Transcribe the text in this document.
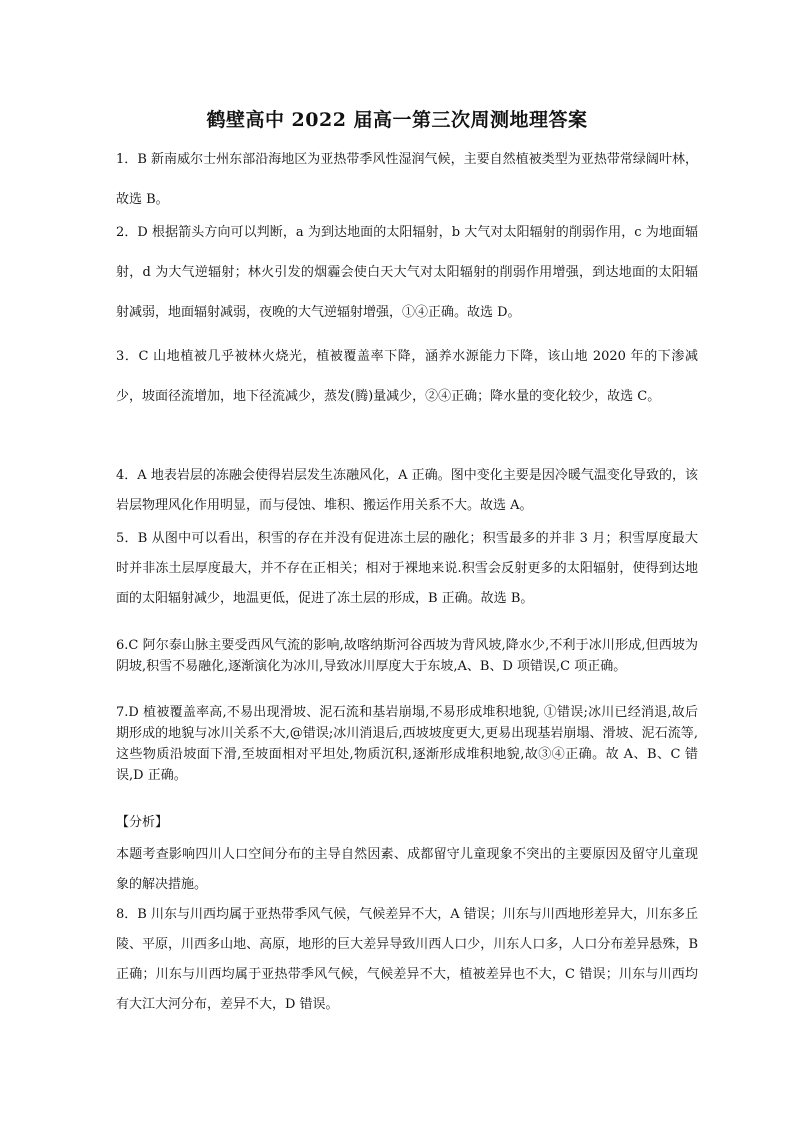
鹤壁高中 2022 届高一第三次周测地理答案
1．B 新南威尔士州东部沿海地区为亚热带季风性湿润气候，主要自然植被类型为亚热带常绿阔叶林，故选 B。
2．D 根据箭头方向可以判断，a 为到达地面的太阳辐射，b 大气对太阳辐射的削弱作用，c 为地面辐射，d 为大气逆辐射；林火引发的烟霾会使白天大气对太阳辐射的削弱作用增强，到达地面的太阳辐射减弱，地面辐射减弱，夜晚的大气逆辐射增强，①④正确。故选 D。
3．C 山地植被几乎被林火烧光，植被覆盖率下降，涵养水源能力下降，该山地 2020 年的下渗减少，坡面径流增加，地下径流减少，蒸发(腾)量减少，②④正确；降水量的变化较少，故选 C。
4．A 地表岩层的冻融会使得岩层发生冻融风化，A 正确。图中变化主要是因冷暖气温变化导致的，该岩层物理风化作用明显，而与侵蚀、堆积、搬运作用关系不大。故选 A。
5．B 从图中可以看出，积雪的存在并没有促进冻土层的融化；积雪最多的并非 3 月；积雪厚度最大时并非冻土层厚度最大，并不存在正相关；相对于裸地来说.积雪会反射更多的太阳辐射，使得到达地面的太阳辐射减少，地温更低，促进了冻土层的形成，B 正确。故选 B。
6.C 阿尔泰山脉主要受西风气流的影响,故喀纳斯河谷西坡为背风坡,降水少,不利于冰川形成,但西坡为阴坡,积雪不易融化,逐渐演化为冰川,导致冰川厚度大于东坡,A、B、D 项错误,C 项正确。
7.D 植被覆盖率高,不易出现滑坡、泥石流和基岩崩塌,不易形成堆积地貌, ①错误;冰川已经消退,故后期形成的地貌与冰川关系不大,@错误;冰川消退后,西坡坡度更大,更易出现基岩崩塌、滑坡、泥石流等,这些物质沿坡面下滑,至坡面相对平坦处,物质沉积,逐渐形成堆积地貌,故③④正确。故 A、B、C 错误,D 正确。
【分析】
本题考查影响四川人口空间分布的主导自然因素、成都留守儿童现象不突出的主要原因及留守儿童现象的解决措施。
8．B 川东与川西均属于亚热带季风气候，气候差异不大，A 错误；川东与川西地形差异大，川东多丘陵、平原，川西多山地、高原，地形的巨大差异导致川西人口少，川东人口多，人口分布差异悬殊，B 正确；川东与川西均属于亚热带季风气候，气候差异不大，植被差异也不大，C 错误；川东与川西均有大江大河分布，差异不大，D 错误。
